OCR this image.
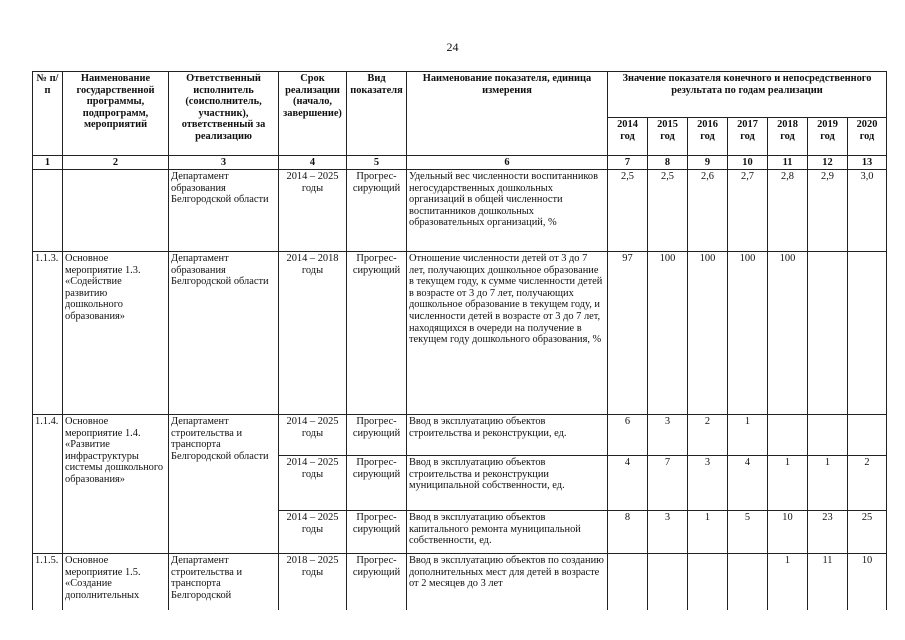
24
№ п/п	Наименование государственной программы, подпрограмм, мероприятий	Ответственный исполнитель (соисполнитель, участник), ответственный за реализацию	Срок реализации (начало, завершение)	Вид показателя	Наименование показателя, единица измерения	Значение показателя конечного и непосредственного результата по годам реализации						
						2014 год	2015 год	2016 год	2017 год	2018 год	2019 год	2020 год
1	2	3	4	5	6	7	8	9	10	11	12	13
		Департамент образования Белгородской области	2014 – 2025 годы	Прогрес-сирующий	Удельный вес численности воспитанников негосударственных дошкольных организаций в общей численности воспитанников дошкольных образовательных организаций, %	2,5	2,5	2,6	2,7	2,8	2,9	3,0
1.1.3.	Основное мероприятие 1.3. «Содействие развитию дошкольного образования»	Департамент образования Белгородской области	2014 – 2018 годы	Прогрес-сирующий	Отношение численности детей от 3 до 7 лет, получающих дошкольное образование в текущем году, к сумме численности детей в возрасте от 3 до 7 лет, получающих дошкольное образование в текущем году, и численности детей в возрасте от 3 до 7 лет, находящихся в очереди на получение в текущем году дошкольного образования, %	97	100	100	100	100		
1.1.4.	Основное мероприятие 1.4. «Развитие инфраструктуры системы дошкольного образования»	Департамент строительства и транспорта Белгородской области	2014 – 2025 годы	Прогрес-сирующий	Ввод в эксплуатацию объектов строительства и реконструкции, ед.	6	3	2	1			
			2014 – 2025 годы	Прогрес-сирующий	Ввод в эксплуатацию объектов строительства и реконструкции муниципальной собственности, ед.	4	7	3	4	1	1	2
			2014 – 2025 годы	Прогрес-сирующий	Ввод в эксплуатацию объектов капитального ремонта муниципальной собственности, ед.	8	3	1	5	10	23	25
1.1.5.	Основное мероприятие 1.5. «Создание дополнительных	Департамент строительства и транспорта Белгородской	2018 – 2025 годы	Прогрес-сирующий	Ввод в эксплуатацию объектов по созданию дополнительных мест для детей в возрасте от 2 месяцев до 3 лет					1	11	10
